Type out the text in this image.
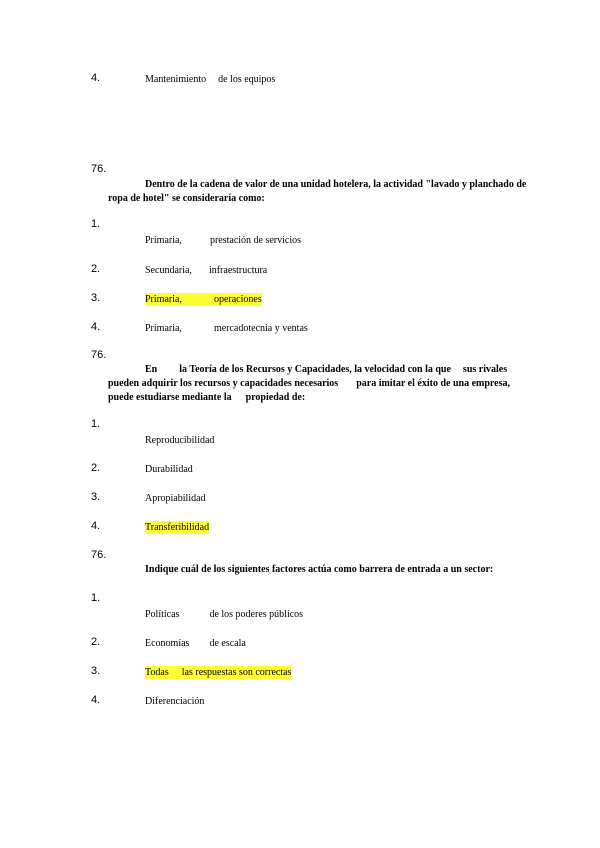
4.	Mantenimiento de los equipos
76.
Dentro de la cadena de valor de una unidad hotelera, la actividad "lavado y planchado de ropa de hotel" se consideraría como:
1.
Primaria,	prestación de servicios
2.	Secundaria, infraestructura
3.	Primaria,	operaciones
4.	Primaria,	mercadotecnia y ventas
76.
En la Teoría de los Recursos y Capacidades, la velocidad con la que sus rivales pueden adquirir los recursos y capacidades necesarios para imitar el éxito de una empresa, puede estudiarse mediante la propiedad de:
1.
Reproducibilidad
2.	Durabilidad
3.	Apropiabilidad
4.	Transferibilidad
76.
Indique cuál de los siguientes factores actúa como barrera de entrada a un sector:
1.
Políticas	de los poderes públicos
2.	Economías de escala
3.	Todas las respuestas son correctas
4.	Diferenciación
